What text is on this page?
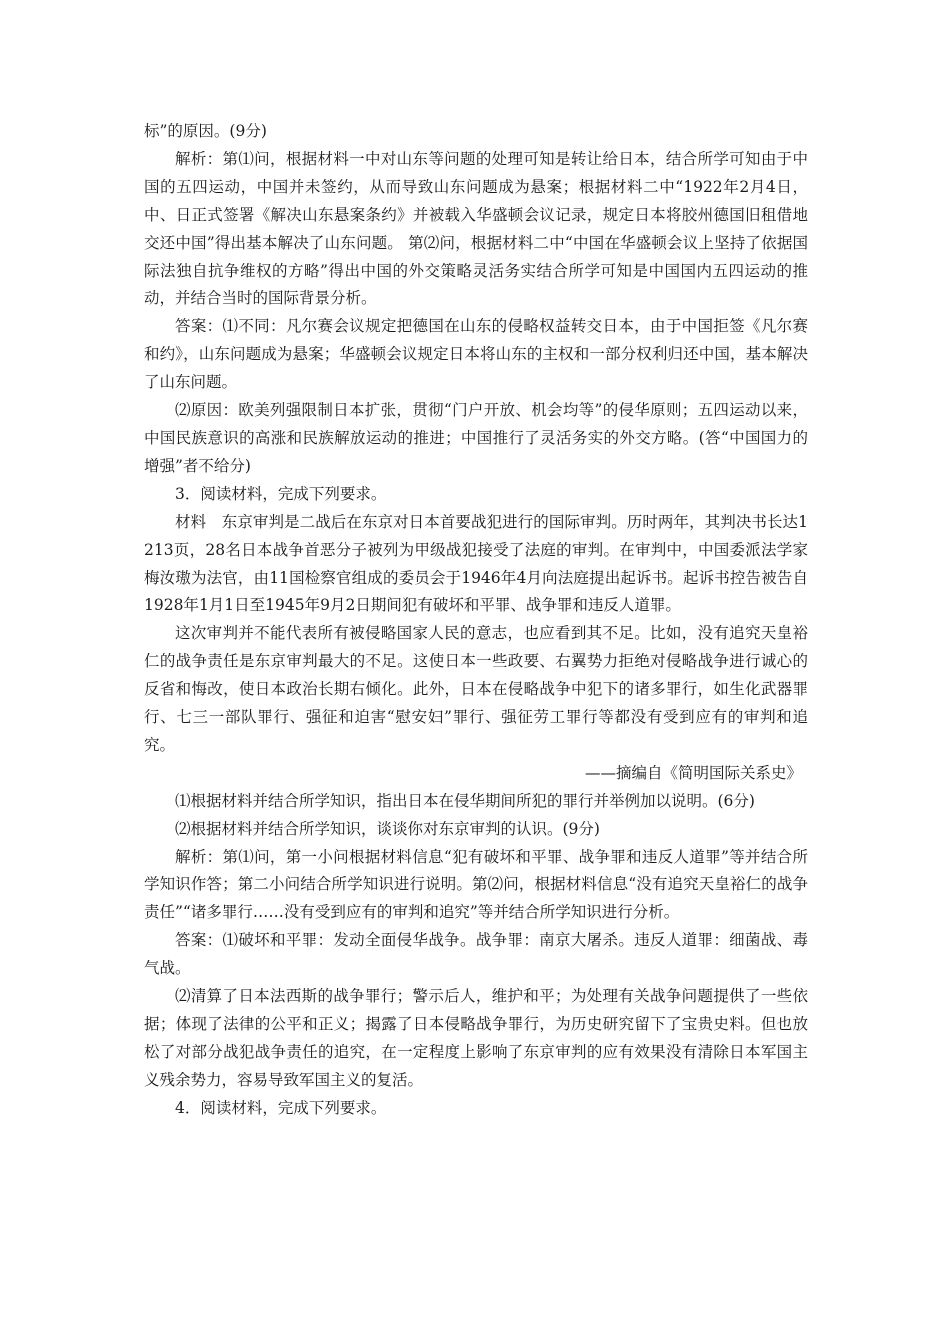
标”的原因。(9分)

解析：第⑴问，根据材料一中对山东等问题的处理可知是转让给日本，结合所学可知由于中国的五四运动，中国并未签约，从而导致山东问题成为悬案；根据材料二中“1922年2月4日，中、日正式签署《解决山东悬案条约》并被载入华盛顿会议记录，规定日本将胶州德国旧租借地交还中国”得出基本解决了山东问题。 第⑵问，根据材料二中“中国在华盛顿会议上坚持了依据国际法独自抗争维权的方略”得出中国的外交策略灵活务实结合所学可知是中国国内五四运动的推动，并结合当时的国际背景分析。

答案：⑴不同：凡尔赛会议规定把德国在山东的侵略权益转交日本，由于中国拒签《凡尔赛和约》，山东问题成为悬案；华盛顿会议规定日本将山东的主权和一部分权利归还中国，基本解决了山东问题。

⑵原因：欧美列强限制日本扩张，贯彻“门户开放、机会均等”的侵华原则；五四运动以来，中国民族意识的高涨和民族解放运动的推进；中国推行了灵活务实的外交方略。(答“中国国力的增强”者不给分)

3．阅读材料，完成下列要求。

材料　东京审判是二战后在东京对日本首要战犯进行的国际审判。历时两年，其判决书长达1 213页，28名日本战争首恶分子被列为甲级战犯接受了法庭的审判。在审判中，中国委派法学家梅汝璈为法官，由11国检察官组成的委员会于1946年4月向法庭提出起诉书。起诉书控告被告自1928年1月1日至1945年9月2日期间犯有破坏和平罪、战争罪和违反人道罪。

这次审判并不能代表所有被侵略国家人民的意志，也应看到其不足。比如，没有追究天皇裕仁的战争责任是东京审判最大的不足。这使日本一些政要、右翼势力拒绝对侵略战争进行诚心的反省和悔改，使日本政治长期右倾化。此外，日本在侵略战争中犯下的诸多罪行，如生化武器罪行、七三一部队罪行、强征和迫害“慰安妇”罪行、强征劳工罪行等都没有受到应有的审判和追究。

——摘编自《简明国际关系史》

⑴根据材料并结合所学知识，指出日本在侵华期间所犯的罪行并举例加以说明。(6分)

⑵根据材料并结合所学知识，谈谈你对东京审判的认识。(9分)

解析：第⑴问，第一小问根据材料信息“犯有破坏和平罪、战争罪和违反人道罪”等并结合所学知识作答；第二小问结合所学知识进行说明。第⑵问，根据材料信息“没有追究天皇裕仁的战争责任”“诸多罪行……没有受到应有的审判和追究”等并结合所学知识进行分析。

答案：⑴破坏和平罪：发动全面侵华战争。战争罪：南京大屠杀。违反人道罪：细菌战、毒气战。

⑵清算了日本法西斯的战争罪行；警示后人，维护和平；为处理有关战争问题提供了一些依据；体现了法律的公平和正义；揭露了日本侵略战争罪行，为历史研究留下了宝贵史料。但也放松了对部分战犯战争责任的追究，在一定程度上影响了东京审判的应有效果没有清除日本军国主义残余势力，容易导致军国主义的复活。

4．阅读材料，完成下列要求。
